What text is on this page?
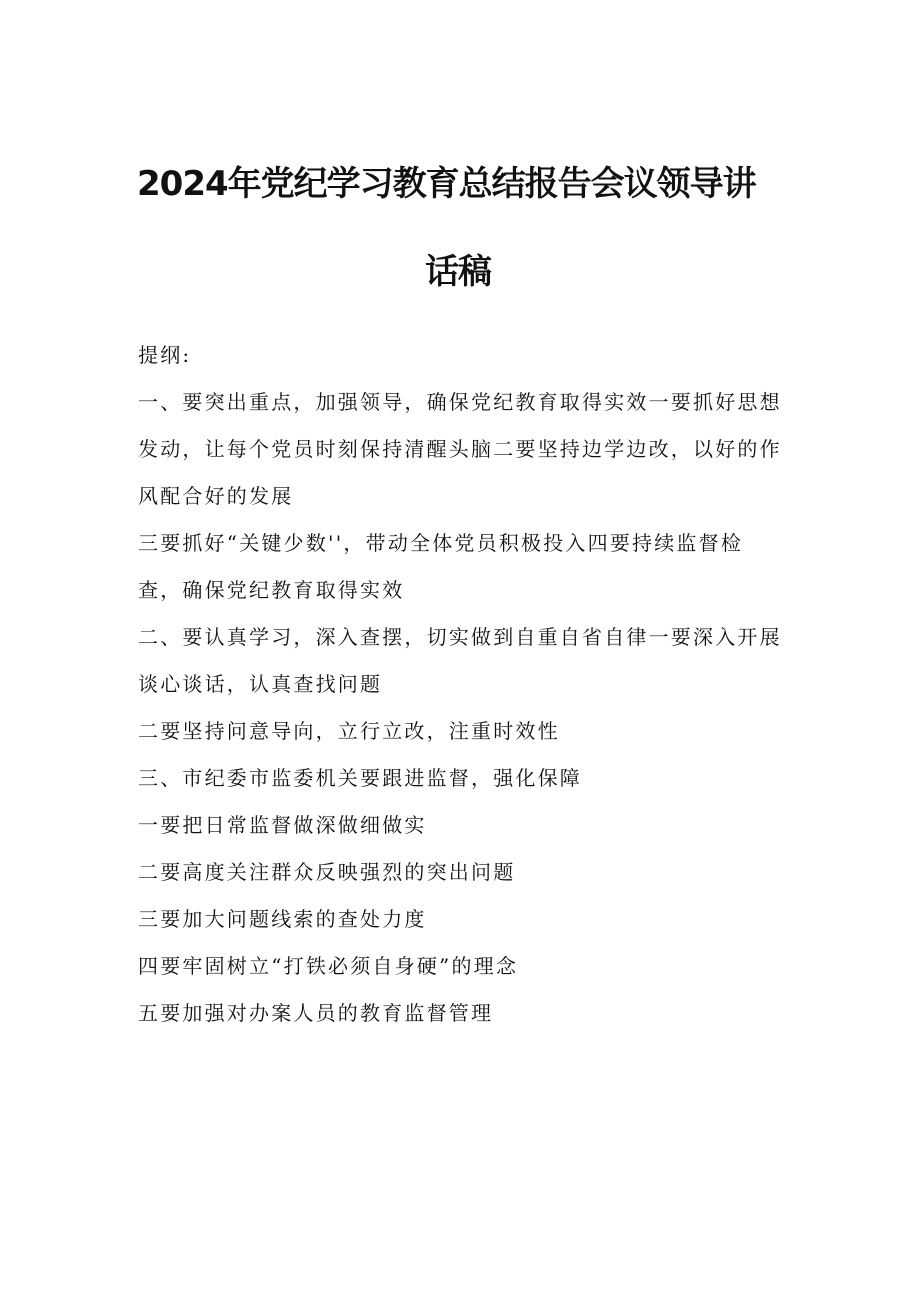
2024年党纪学习教育总结报告会议领导讲
话稿
提纲:
一、要突出重点，加强领导，确保党纪教育取得实效一要抓好思想
发动，让每个党员时刻保持清醒头脑二要坚持边学边改，以好的作
风配合好的发展
三要抓好“关键少数''，带动全体党员积极投入四要持续监督检
查，确保党纪教育取得实效
二、要认真学习，深入查摆，切实做到自重自省自律一要深入开展
谈心谈话，认真查找问题
二要坚持问意导向，立行立改，注重时效性
三、市纪委市监委机关要跟进监督，强化保障
一要把日常监督做深做细做实
二要高度关注群众反映强烈的突出问题
三要加大问题线索的查处力度
四要牢固树立“打铁必须自身硬”的理念
五要加强对办案人员的教育监督管理
